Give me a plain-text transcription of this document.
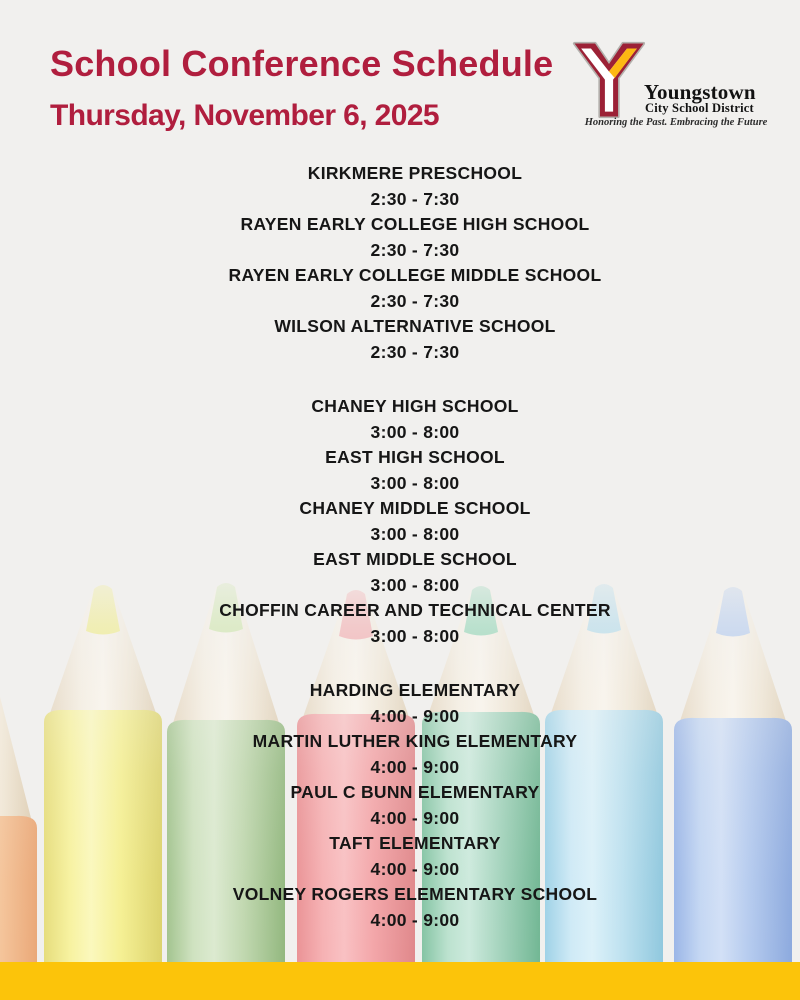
School Conference Schedule
Thursday, November 6, 2025
Youngstown
City School District
Honoring the Past. Embracing the Future
KIRKMERE PRESCHOOL
2:30 - 7:30
RAYEN EARLY COLLEGE HIGH SCHOOL
2:30 - 7:30
RAYEN EARLY COLLEGE MIDDLE SCHOOL
2:30 - 7:30
WILSON ALTERNATIVE SCHOOL
2:30 - 7:30
CHANEY HIGH SCHOOL
3:00 - 8:00
EAST HIGH SCHOOL
3:00 - 8:00
CHANEY MIDDLE SCHOOL
3:00 - 8:00
EAST MIDDLE SCHOOL
3:00 - 8:00
CHOFFIN CAREER AND TECHNICAL CENTER
3:00 - 8:00
HARDING ELEMENTARY
4:00 - 9:00
MARTIN LUTHER KING ELEMENTARY
4:00 - 9:00
PAUL C BUNN ELEMENTARY
4:00 - 9:00
TAFT ELEMENTARY
4:00 - 9:00
VOLNEY ROGERS ELEMENTARY SCHOOL
4:00 - 9:00
